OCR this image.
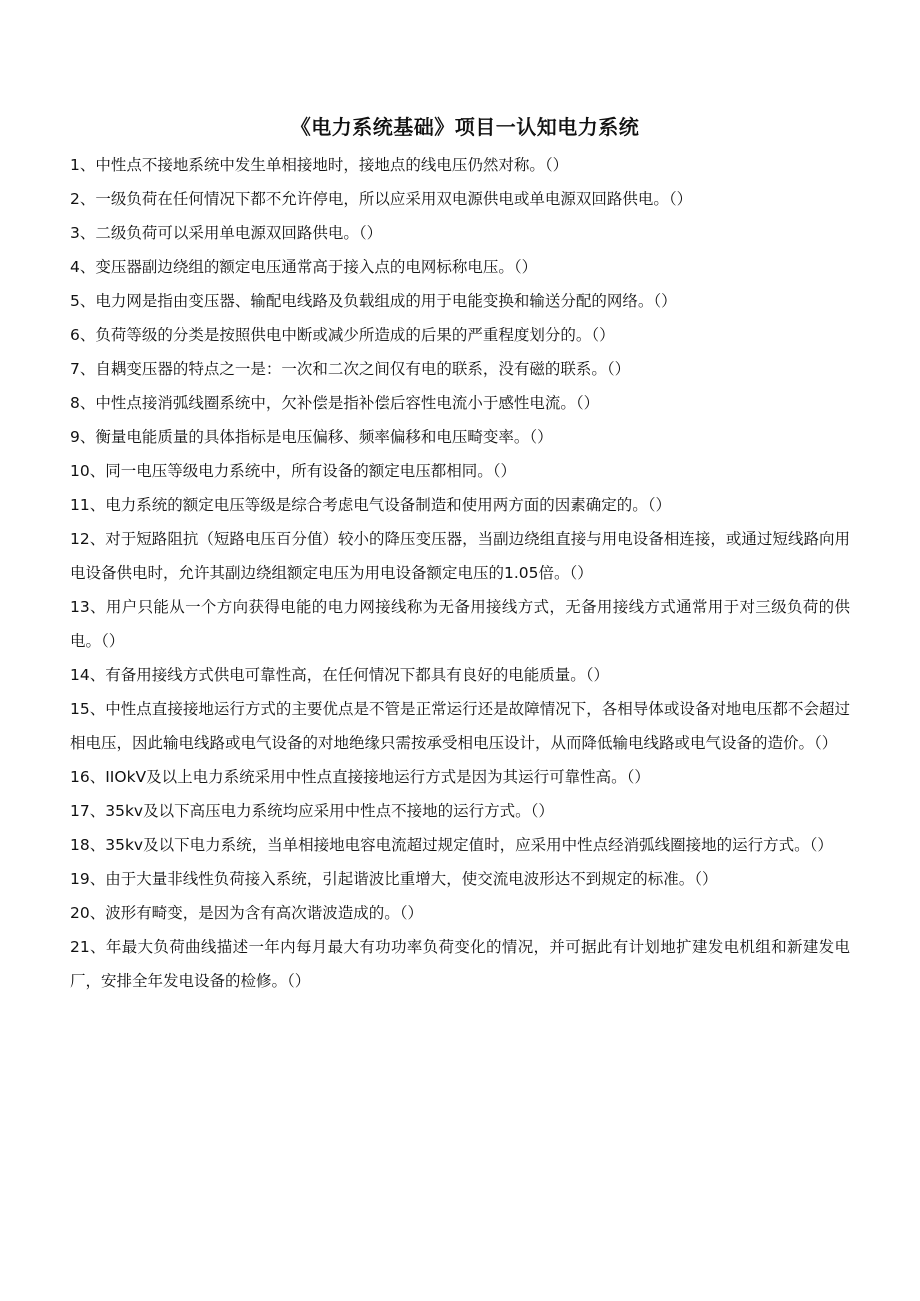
《电力系统基础》项目一认知电力系统
1、中性点不接地系统中发生单相接地时，接地点的线电压仍然对称。（）
2、一级负荷在任何情况下都不允许停电，所以应采用双电源供电或单电源双回路供电。（）
3、二级负荷可以采用单电源双回路供电。（）
4、变压器副边绕组的额定电压通常高于接入点的电网标称电压。（）
5、电力网是指由变压器、输配电线路及负载组成的用于电能变换和输送分配的网络。（）
6、负荷等级的分类是按照供电中断或减少所造成的后果的严重程度划分的。（）
7、自耦变压器的特点之一是：一次和二次之间仅有电的联系，没有磁的联系。（）
8、中性点接消弧线圈系统中，欠补偿是指补偿后容性电流小于感性电流。（）
9、衡量电能质量的具体指标是电压偏移、频率偏移和电压畸变率。（）
10、同一电压等级电力系统中，所有设备的额定电压都相同。（）
11、电力系统的额定电压等级是综合考虑电气设备制造和使用两方面的因素确定的。（）
12、对于短路阻抗（短路电压百分值）较小的降压变压器，当副边绕组直接与用电设备相连接，或通过短线路向用电设备供电时，允许其副边绕组额定电压为用电设备额定电压的1.05倍。（）
13、用户只能从一个方向获得电能的电力网接线称为无备用接线方式，无备用接线方式通常用于对三级负荷的供电。（）
14、有备用接线方式供电可靠性高，在任何情况下都具有良好的电能质量。（）
15、中性点直接接地运行方式的主要优点是不管是正常运行还是故障情况下，各相导体或设备对地电压都不会超过相电压，因此输电线路或电气设备的对地绝缘只需按承受相电压设计，从而降低输电线路或电气设备的造价。（）
16、IIOkV及以上电力系统采用中性点直接接地运行方式是因为其运行可靠性高。（）
17、35kv及以下高压电力系统均应采用中性点不接地的运行方式。（）
18、35kv及以下电力系统，当单相接地电容电流超过规定值时，应采用中性点经消弧线圈接地的运行方式。（）
19、由于大量非线性负荷接入系统，引起谐波比重增大，使交流电波形达不到规定的标准。（）
20、波形有畸变，是因为含有高次谐波造成的。（）
21、年最大负荷曲线描述一年内每月最大有功功率负荷变化的情况，并可据此有计划地扩建发电机组和新建发电厂，安排全年发电设备的检修。（）
